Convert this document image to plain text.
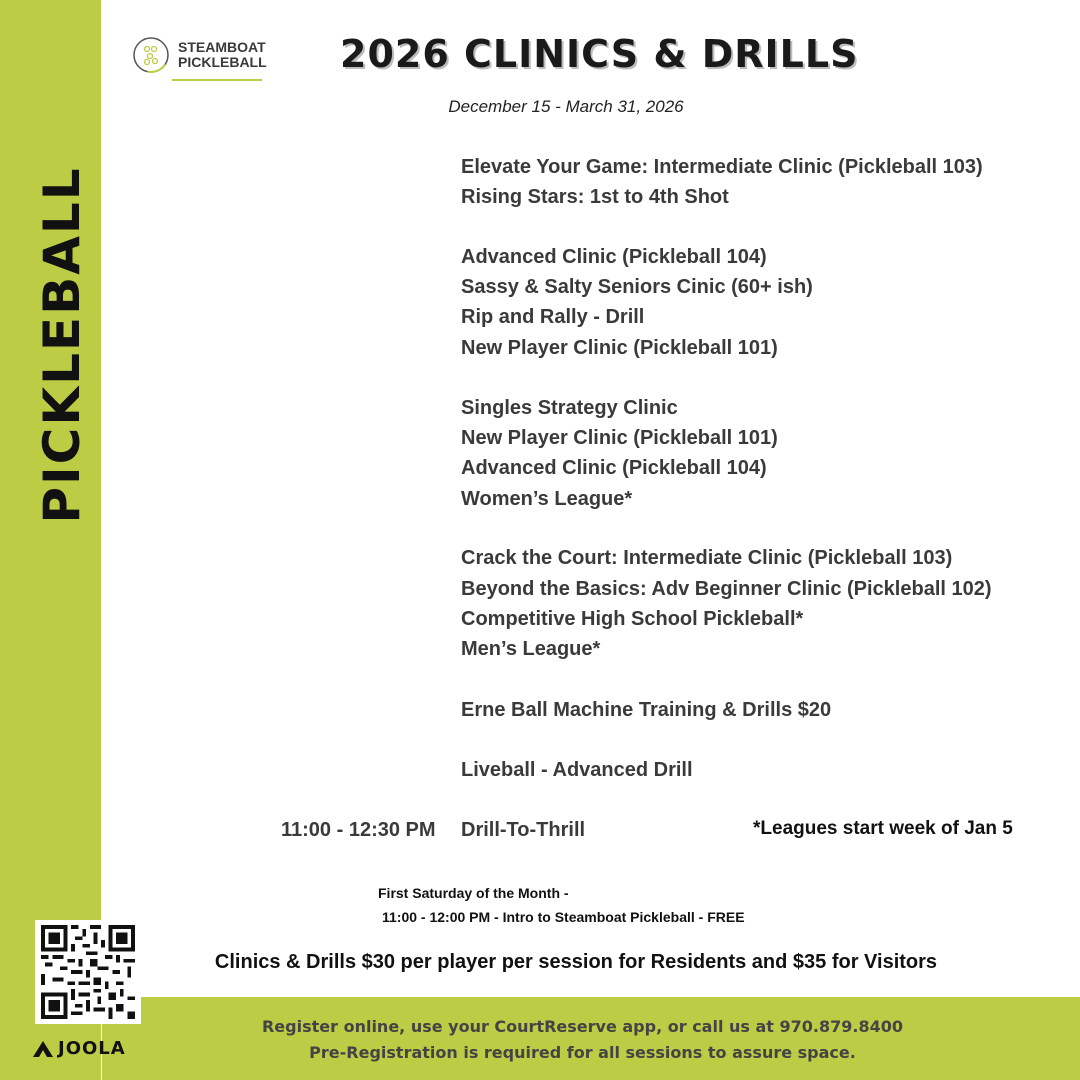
PICKLEBALL
JOOLA
STEAMBOAT
PICKLEBALL 2026 CLINICS & DRILLS
December 15 - March 31, 2026
Elevate Your Game: Intermediate Clinic (Pickleball 103)
Rising Stars: 1st to 4th Shot
Advanced Clinic (Pickleball 104)
Sassy & Salty Seniors Cinic (60+ ish)
Rip and Rally - Drill
New Player Clinic (Pickleball 101)
Singles Strategy Clinic
New Player Clinic (Pickleball 101)
Advanced Clinic (Pickleball 104)
Women’s League*
Crack the Court: Intermediate Clinic (Pickleball 103)
Beyond the Basics: Adv Beginner Clinic (Pickleball 102)
Competitive High School Pickleball*
Men’s League*
Erne Ball Machine Training & Drills $20
Liveball - Advanced Drill
11:00 - 12:30 PM Drill-To-Thrill	*Leagues start week of Jan 5
First Saturday of the Month -
11:00 - 12:00 PM - Intro to Steamboat Pickleball - FREE
Clinics & Drills $30 per player per session for Residents and $35 for Visitors
Register online, use your CourtReserve app, or call us at 970.879.8400
Pre-Registration is required for all sessions to assure space.
